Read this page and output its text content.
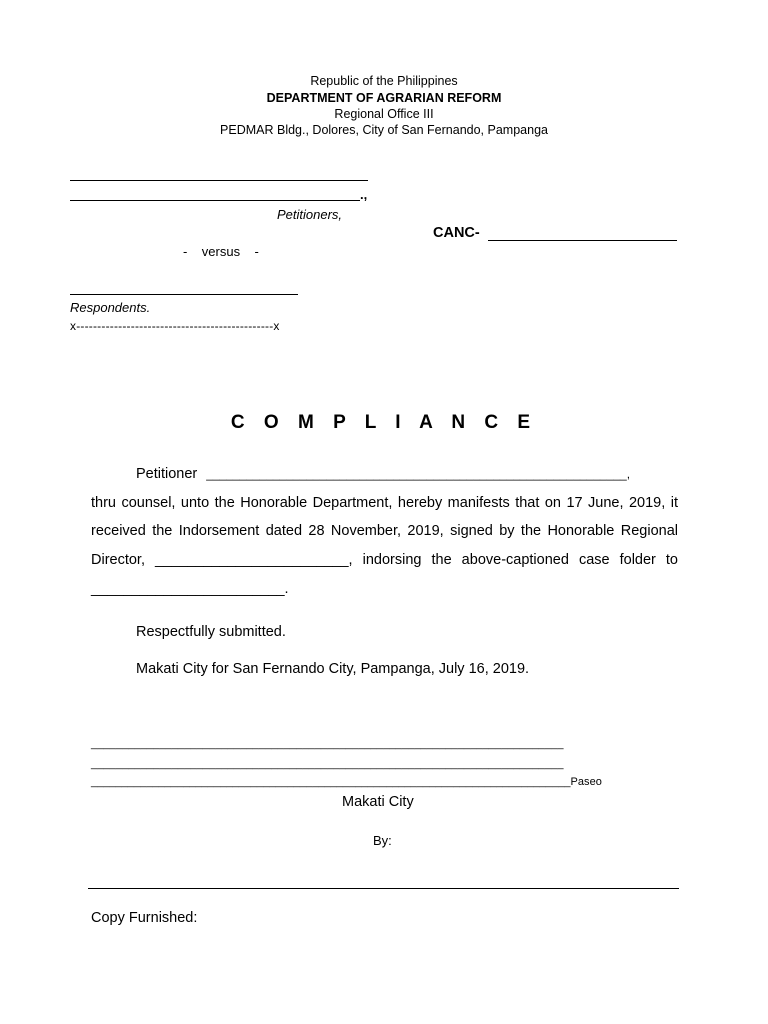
Republic of the Philippines
DEPARTMENT OF AGRARIAN REFORM
Regional Office III
PEDMAR Bldg., Dolores, City of San Fernando, Pampanga
.,
Petitioners,
CANC-
-    versus    -
Respondents.
x-----------------------------------------------x
C O M P L I A N C E
Petitioner _______________________________________________________________,
thru counsel, unto the Honorable Department, hereby manifests that on 17 June, 2019, it received the Indorsement dated 28 November, 2019, signed by the Honorable Regional Director, ________________________, indorsing the above-captioned case folder to ________________________.
Respectfully submitted.
Makati City for San Fernando City, Pampanga, July 16, 2019.
____________________________________________________________________________
____________________________________________________________________________
______________________________________________________________________________Paseo
Makati City
By:
Copy Furnished:
